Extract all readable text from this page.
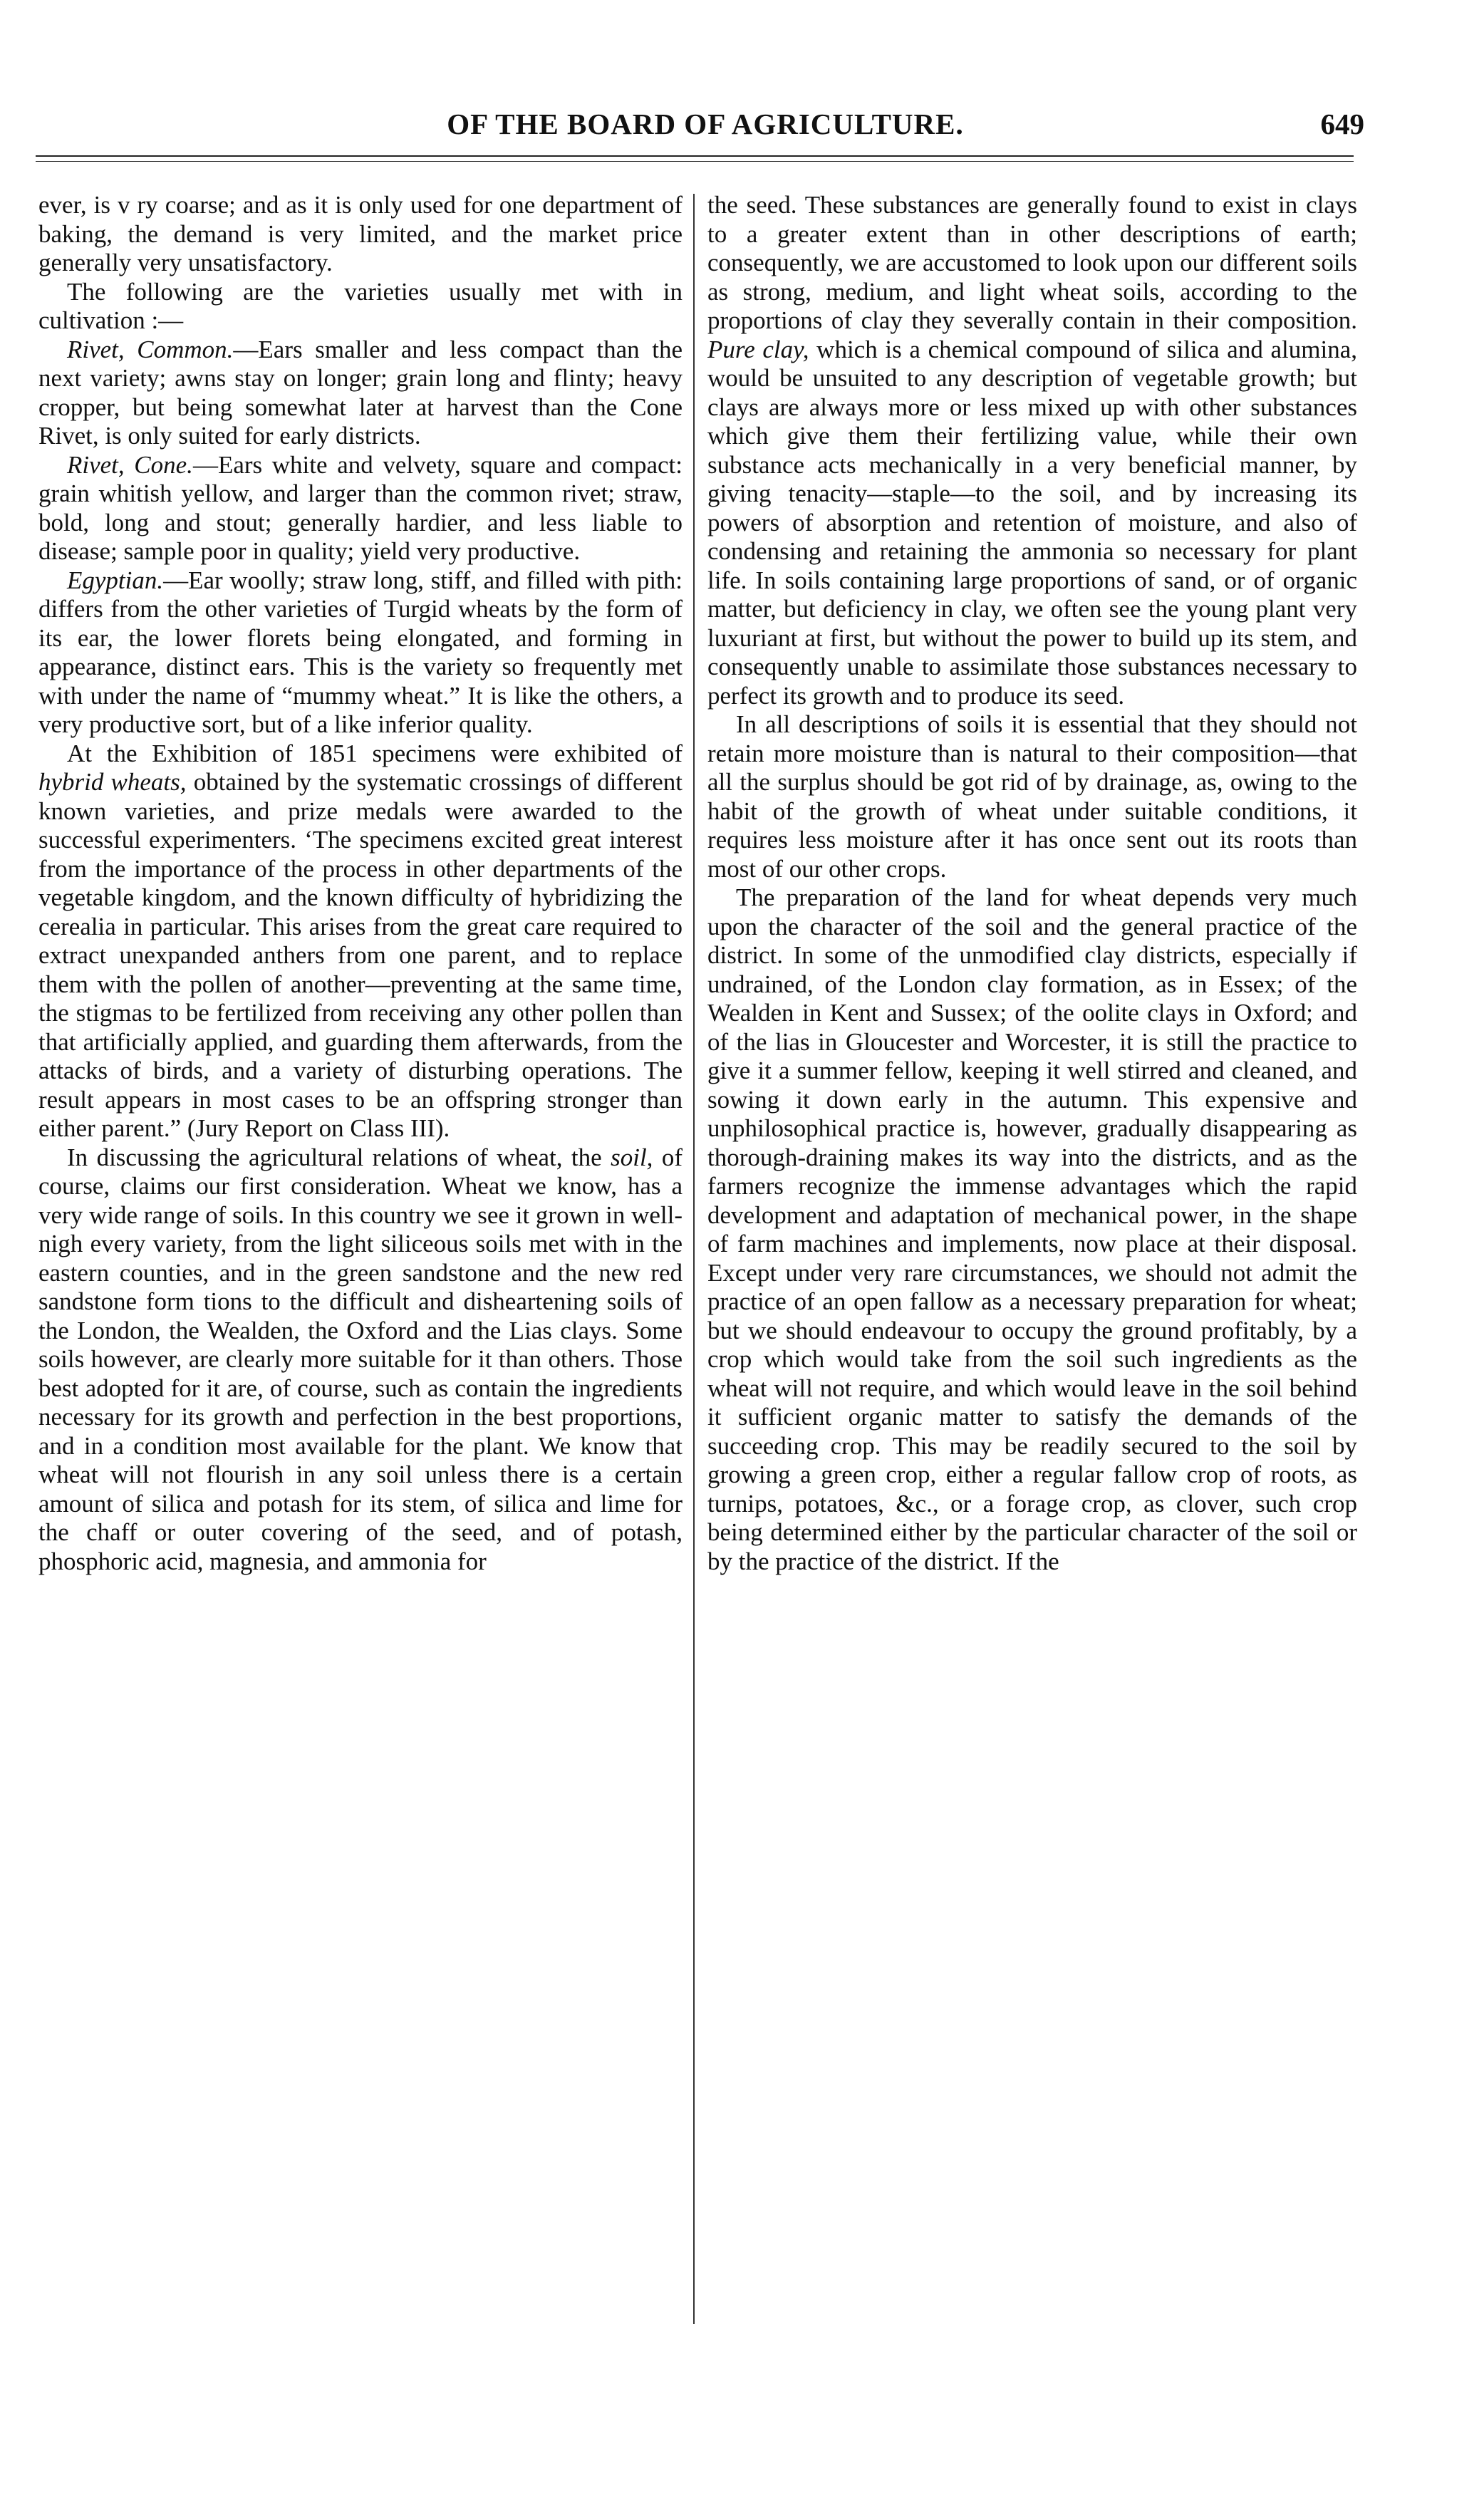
OF THE BOARD OF AGRICULTURE.	649

ever, is v ry coarse; and as it is only used for one department of baking, the demand is very limited, and the market price generally very unsatisfactory.

The following are the varieties usually met with in cultivation :—

Rivet, Common.—Ears smaller and less compact than the next variety; awns stay on longer; grain long and flinty; heavy cropper, but being somewhat later at harvest than the Cone Rivet, is only suited for early districts.

Rivet, Cone.—Ears white and velvety, square and compact: grain whitish yellow, and larger than the common rivet; straw, bold, long and stout; generally hardier, and less liable to disease; sample poor in quality; yield very productive.

Egyptian.—Ear woolly; straw long, stiff, and filled with pith: differs from the other varieties of Turgid wheats by the form of its ear, the lower florets being elongated, and forming in appearance, distinct ears. This is the variety so frequently met with under the name of “mummy wheat.” It is like the others, a very productive sort, but of a like inferior quality.

At the Exhibition of 1851 specimens were exhibited of hybrid wheats, obtained by the systematic crossings of different known varieties, and prize medals were awarded to the successful experimenters. ‘The specimens excited great interest from the importance of the process in other departments of the vegetable kingdom, and the known difficulty of hybridizing the cerealia in particular. This arises from the great care required to extract unexpanded anthers from one parent, and to replace them with the pollen of another—preventing at the same time, the stigmas to be fertilized from receiving any other pollen than that artificially applied, and guarding them afterwards, from the attacks of birds, and a variety of disturbing operations. The result appears in most cases to be an offspring stronger than either parent.” (Jury Report on Class III).

In discussing the agricultural relations of wheat, the soil, of course, claims our first consideration. Wheat we know, has a very wide range of soils. In this country we see it grown in well-nigh every variety, from the light siliceous soils met with in the eastern counties, and in the green sandstone and the new red sandstone form tions to the difficult and disheartening soils of the London, the Wealden, the Oxford and the Lias clays. Some soils however, are clearly more suitable for it than others. Those best adopted for it are, of course, such as contain the ingredients necessary for its growth and perfection in the best proportions, and in a condition most available for the plant. We know that wheat will not flourish in any soil unless there is a certain amount of silica and potash for its stem, of silica and lime for the chaff or outer covering of the seed, and of potash, phosphoric acid, magnesia, and ammonia for

the seed. These substances are generally found to exist in clays to a greater extent than in other descriptions of earth; consequently, we are accustomed to look upon our different soils as strong, medium, and light wheat soils, according to the proportions of clay they severally contain in their composition. Pure clay, which is a chemical compound of silica and alumina, would be unsuited to any description of vegetable growth; but clays are always more or less mixed up with other substances which give them their fertilizing value, while their own substance acts mechanically in a very beneficial manner, by giving tenacity—staple—to the soil, and by increasing its powers of absorption and retention of moisture, and also of condensing and retaining the ammonia so necessary for plant life. In soils containing large proportions of sand, or of organic matter, but deficiency in clay, we often see the young plant very luxuriant at first, but without the power to build up its stem, and consequently unable to assimilate those substances necessary to perfect its growth and to produce its seed.

In all descriptions of soils it is essential that they should not retain more moisture than is natural to their composition—that all the surplus should be got rid of by drainage, as, owing to the habit of the growth of wheat under suitable conditions, it requires less moisture after it has once sent out its roots than most of our other crops.

The preparation of the land for wheat depends very much upon the character of the soil and the general practice of the district. In some of the unmodified clay districts, especially if undrained, of the London clay formation, as in Essex; of the Wealden in Kent and Sussex; of the oolite clays in Oxford; and of the lias in Gloucester and Worcester, it is still the practice to give it a summer fellow, keeping it well stirred and cleaned, and sowing it down early in the autumn. This expensive and unphilosophical practice is, however, gradually disappearing as thorough-draining makes its way into the districts, and as the farmers recognize the immense advantages which the rapid development and adaptation of mechanical power, in the shape of farm machines and implements, now place at their disposal. Except under very rare circumstances, we should not admit the practice of an open fallow as a necessary preparation for wheat; but we should endeavour to occupy the ground profitably, by a crop which would take from the soil such ingredients as the wheat will not require, and which would leave in the soil behind it sufficient organic matter to satisfy the demands of the succeeding crop. This may be readily secured to the soil by growing a green crop, either a regular fallow crop of roots, as turnips, potatoes, &c., or a forage crop, as clover, such crop being determined either by the particular character of the soil or by the practice of the district. If the
